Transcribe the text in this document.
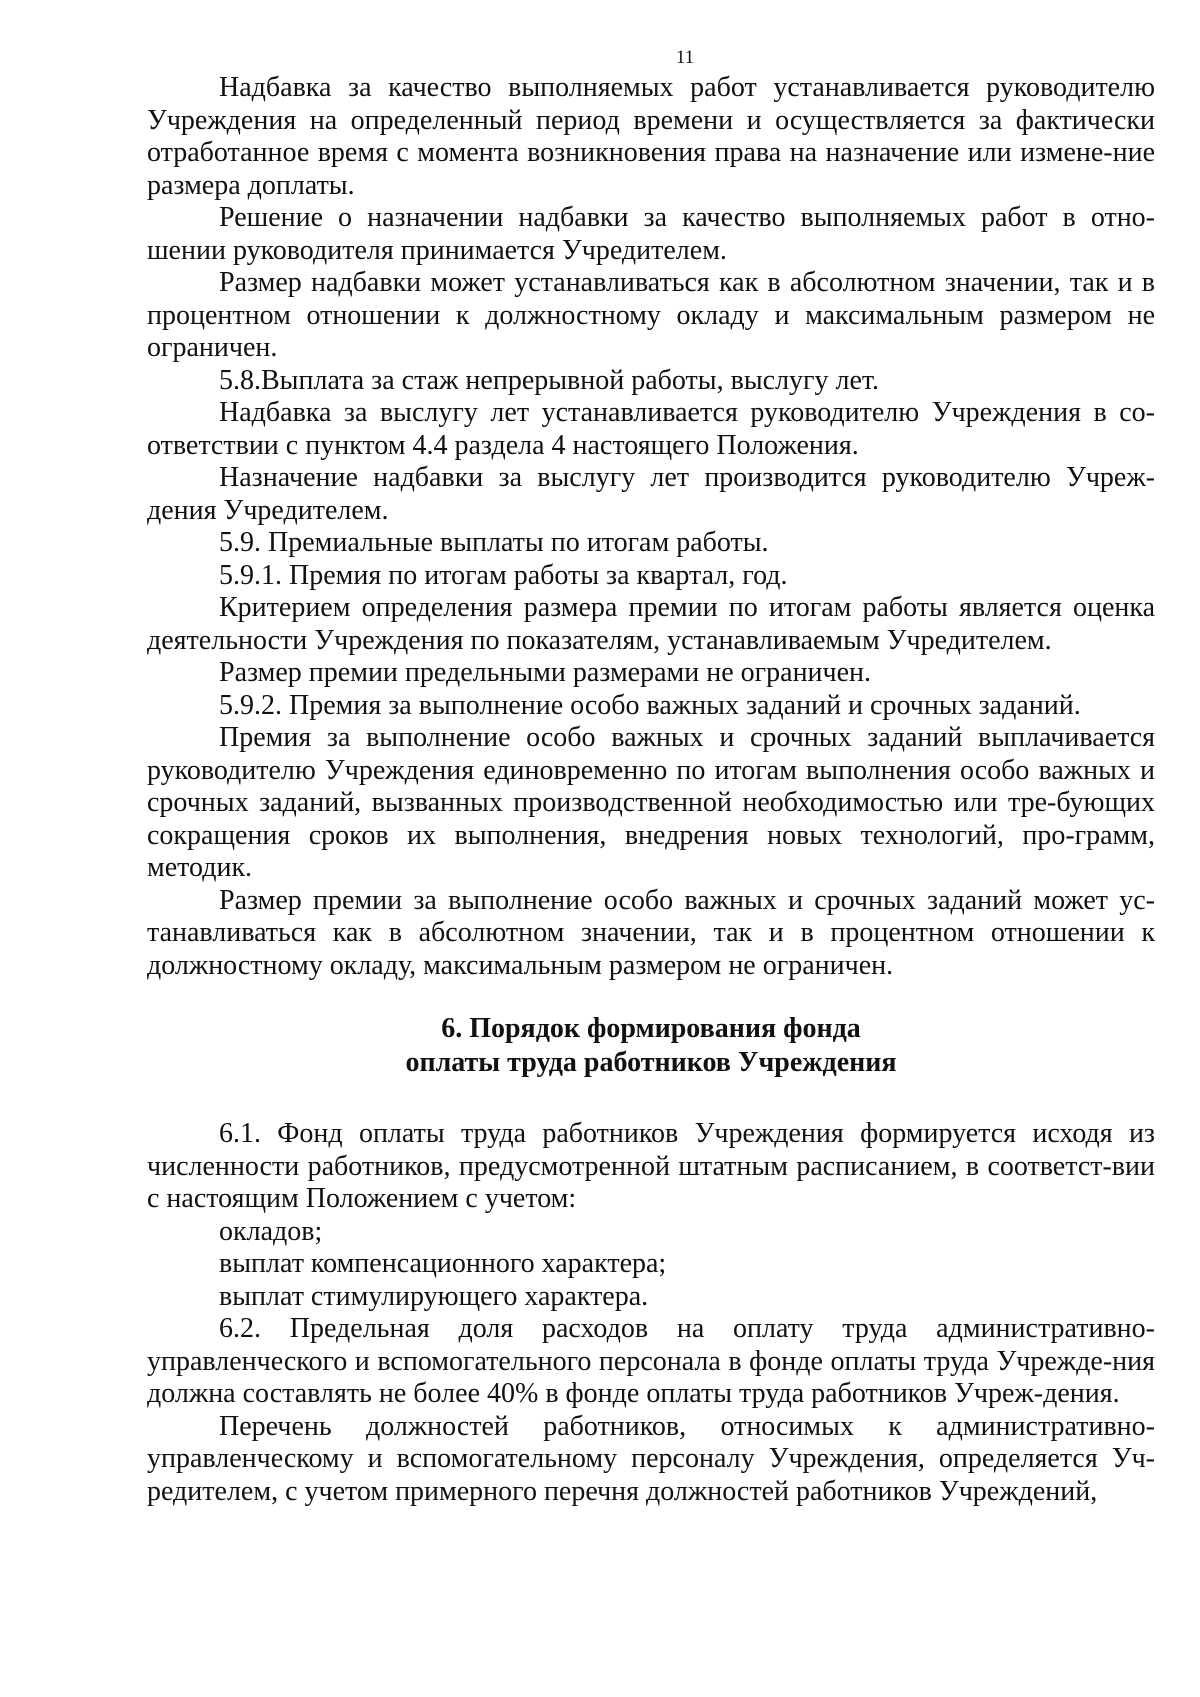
11

Надбавка за качество выполняемых работ устанавливается руководителю Учреждения на определенный период времени и осуществляется за фактически отработанное время с момента возникновения права на назначение или измене-ние размера доплаты.

Решение о назначении надбавки за качество выполняемых работ в отно-шении руководителя принимается Учредителем.

Размер надбавки может устанавливаться как в абсолютном значении, так и в процентном отношении к должностному окладу и максимальным размером не ограничен.

5.8.Выплата за стаж непрерывной работы, выслугу лет.

Надбавка за выслугу лет устанавливается руководителю Учреждения в со-ответствии с пунктом 4.4 раздела 4 настоящего Положения.

Назначение надбавки за выслугу лет производится руководителю Учреж-дения Учредителем.

5.9. Премиальные выплаты по итогам работы.

5.9.1. Премия по итогам работы за квартал, год.

Критерием определения размера премии по итогам работы является оценка деятельности Учреждения по показателям, устанавливаемым Учредителем.

Размер премии предельными размерами не ограничен.

5.9.2. Премия за выполнение особо важных заданий и срочных заданий.

Премия за выполнение особо важных и срочных заданий выплачивается руководителю Учреждения единовременно по итогам выполнения особо важных и срочных заданий, вызванных производственной необходимостью или тре-бующих сокращения сроков их выполнения, внедрения новых технологий, про-грамм, методик.

Размер премии за выполнение особо важных и срочных заданий может ус-танавливаться как в абсолютном значении, так и в процентном отношении к должностному окладу, максимальным размером не ограничен.

6. Порядок формирования фонда
оплаты труда работников Учреждения

6.1. Фонд оплаты труда работников Учреждения формируется исходя из численности работников, предусмотренной штатным расписанием, в соответст-вии с настоящим Положением с учетом:

окладов;

выплат компенсационного характера;

выплат стимулирующего характера.

6.2. Предельная доля расходов на оплату труда административно-управленческого и вспомогательного персонала в фонде оплаты труда Учрежде-ния должна составлять не более 40% в фонде оплаты труда работников Учреж-дения.

Перечень должностей работников, относимых к административно-управленческому и вспомогательному персоналу Учреждения, определяется Уч-редителем, с учетом примерного перечня должностей работников Учреждений,
